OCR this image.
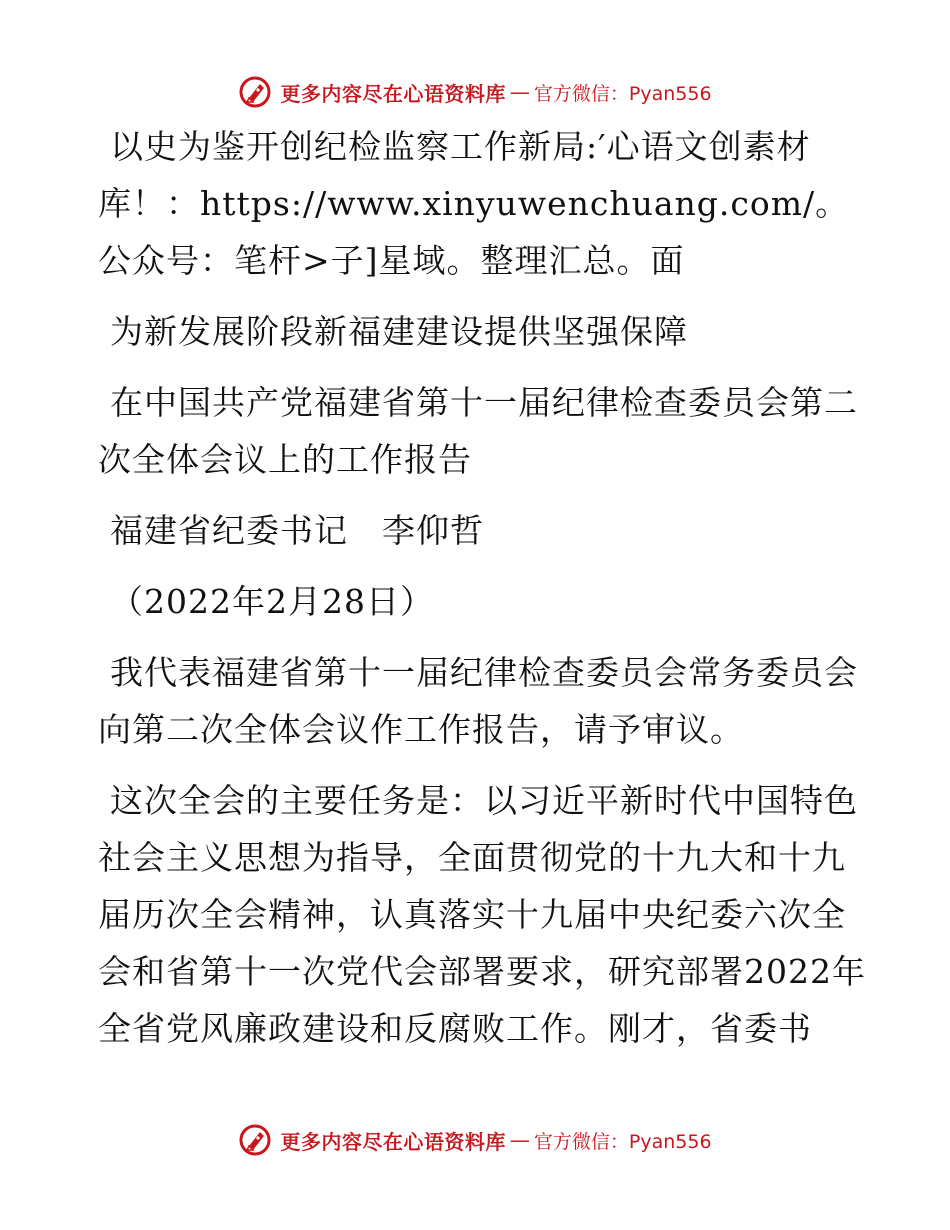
更多内容尽在心语资料库 — 官方微信：Pyan556

以史为鉴开创纪检监察工作新局:′心语文创素材库！：https://www.xinyuwenchuang.com/。公众号：笔杆>子]星域。整理汇总。面

为新发展阶段新福建建设提供坚强保障

在中国共产党福建省第十一届纪律检查委员会第二次全体会议上的工作报告

福建省纪委书记　李仰哲

（2022年2月28日）

我代表福建省第十一届纪律检查委员会常务委员会向第二次全体会议作工作报告，请予审议。

这次全会的主要任务是：以习近平新时代中国特色社会主义思想为指导，全面贯彻党的十九大和十九届历次全会精神，认真落实十九届中央纪委六次全会和省第十一次党代会部署要求，研究部署2022年全省党风廉政建设和反腐败工作。刚才，省委书

更多内容尽在心语资料库 — 官方微信：Pyan556
